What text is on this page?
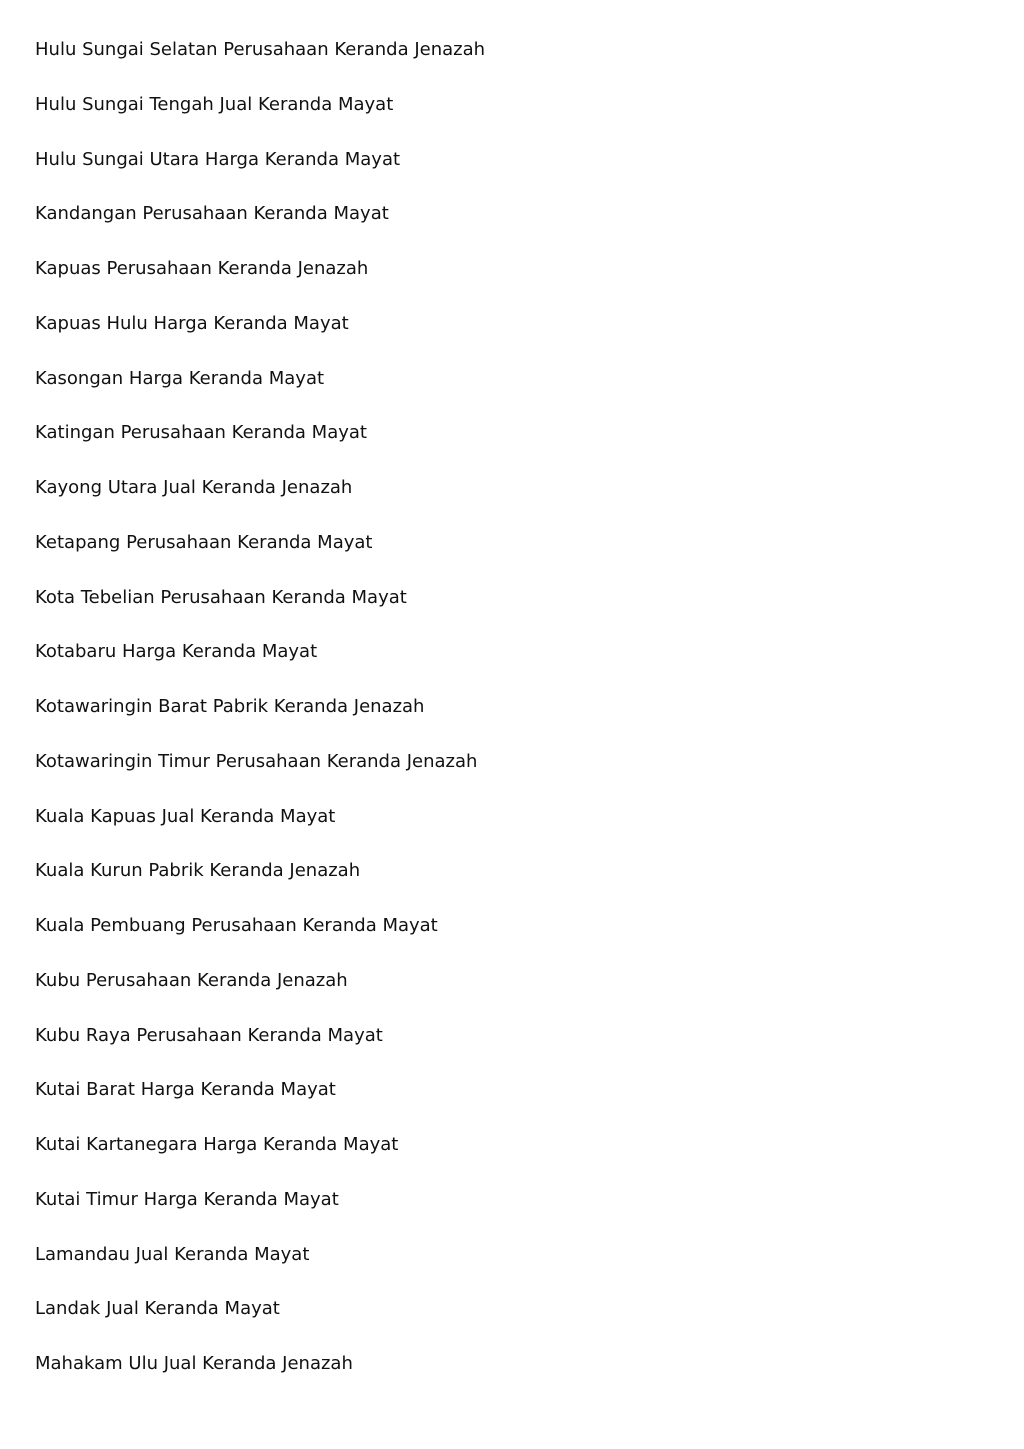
Hulu Sungai Selatan Perusahaan Keranda Jenazah
Hulu Sungai Tengah Jual Keranda Mayat
Hulu Sungai Utara Harga Keranda Mayat
Kandangan Perusahaan Keranda Mayat
Kapuas Perusahaan Keranda Jenazah
Kapuas Hulu Harga Keranda Mayat
Kasongan Harga Keranda Mayat
Katingan Perusahaan Keranda Mayat
Kayong Utara Jual Keranda Jenazah
Ketapang Perusahaan Keranda Mayat
Kota Tebelian Perusahaan Keranda Mayat
Kotabaru Harga Keranda Mayat
Kotawaringin Barat Pabrik Keranda Jenazah
Kotawaringin Timur Perusahaan Keranda Jenazah
Kuala Kapuas Jual Keranda Mayat
Kuala Kurun Pabrik Keranda Jenazah
Kuala Pembuang Perusahaan Keranda Mayat
Kubu Perusahaan Keranda Jenazah
Kubu Raya Perusahaan Keranda Mayat
Kutai Barat Harga Keranda Mayat
Kutai Kartanegara Harga Keranda Mayat
Kutai Timur Harga Keranda Mayat
Lamandau Jual Keranda Mayat
Landak Jual Keranda Mayat
Mahakam Ulu Jual Keranda Jenazah
